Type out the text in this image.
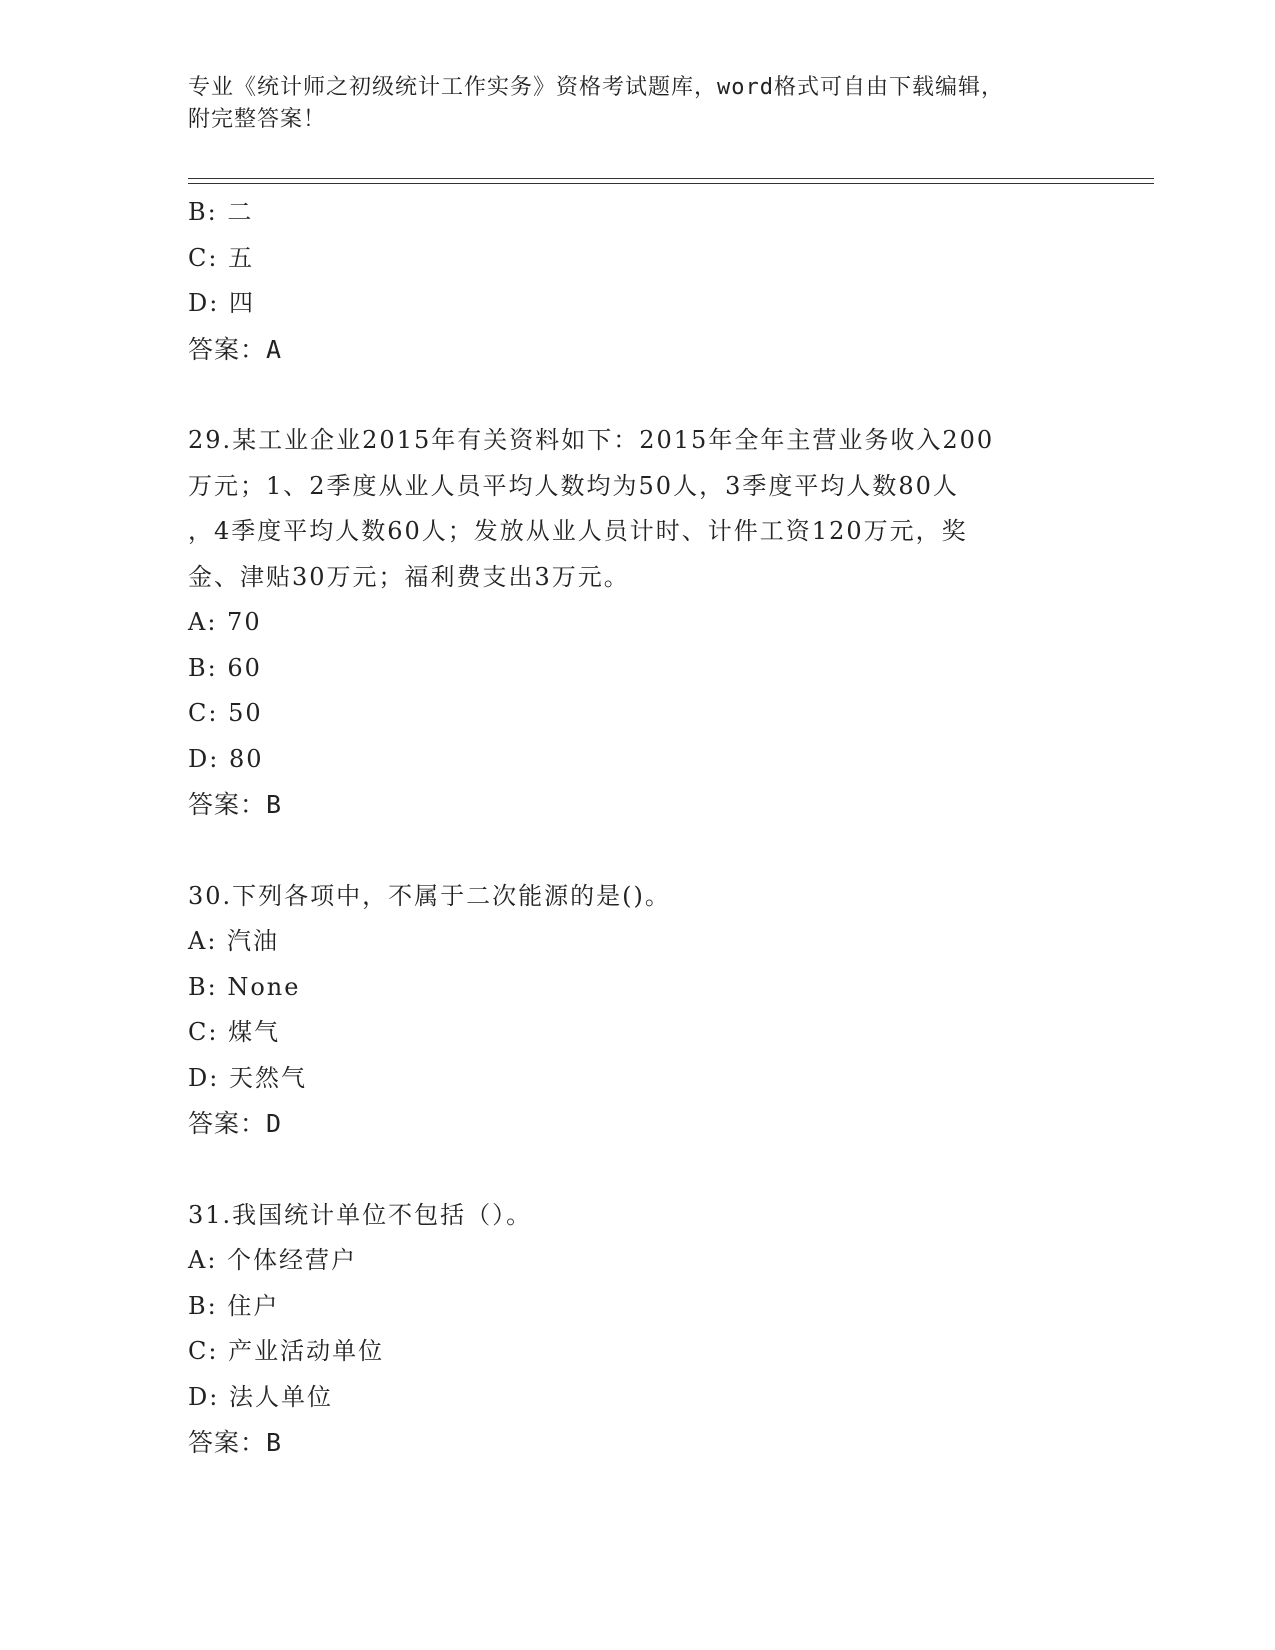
专业《统计师之初级统计工作实务》资格考试题库，word格式可自由下载编辑，
附完整答案！
B: 二
C: 五
D: 四
答案：A
29.某工业企业2015年有关资料如下：2015年全年主营业务收入200
万元；1、2季度从业人员平均人数均为50人，3季度平均人数80人
，4季度平均人数60人；发放从业人员计时、计件工资120万元，奖
金、津贴30万元；福利费支出3万元。
A: 70
B: 60
C: 50
D: 80
答案：B
30.下列各项中，不属于二次能源的是()。
A: 汽油
B: None
C: 煤气
D: 天然气
答案：D
31.我国统计单位不包括（）。
A: 个体经营户
B: 住户
C: 产业活动单位
D: 法人单位
答案：B
